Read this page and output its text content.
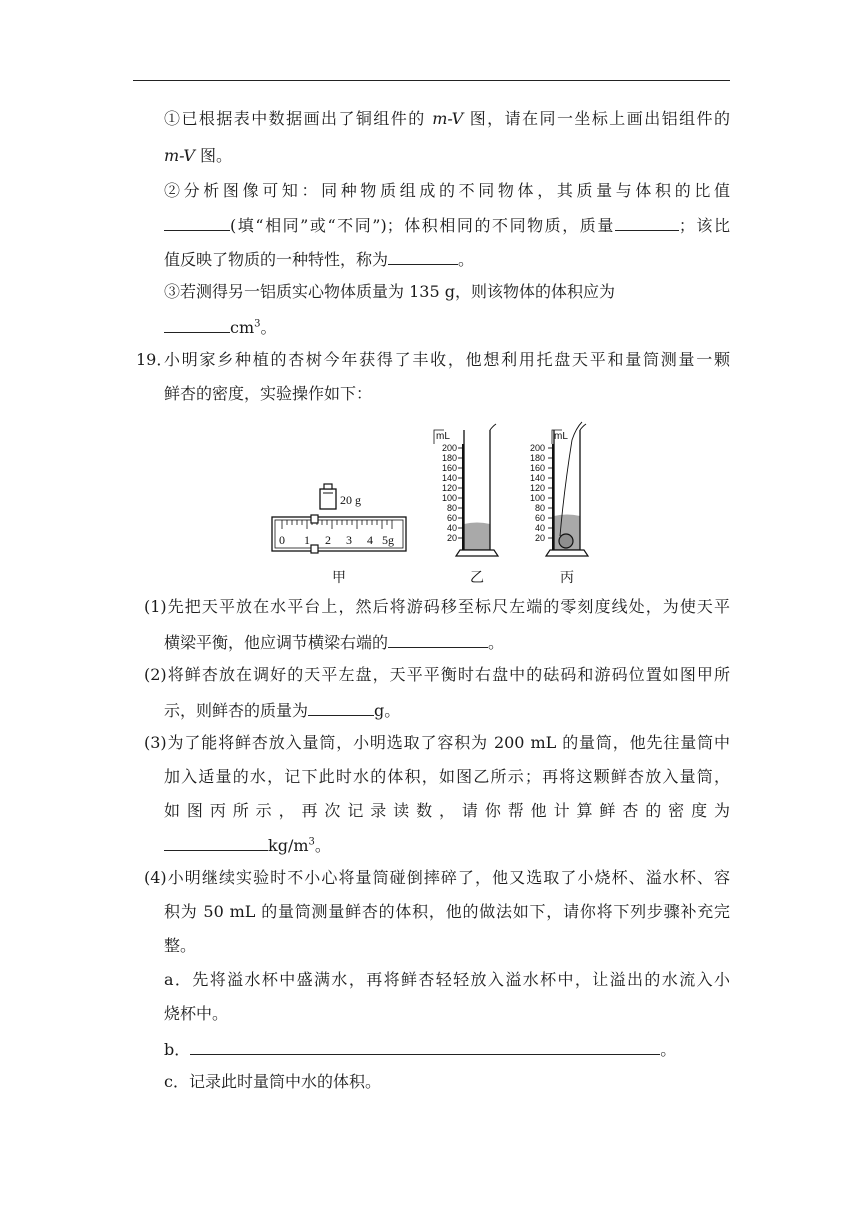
①已根据表中数据画出了铜组件的 m-V 图，请在同一坐标上画出铝组件的
m-V 图。
②分析图像可知：同种物质组成的不同物体，其质量与体积的比值
(填“相同”或“不同”)；体积相同的不同物质，质量	；该比
值反映了物质的一种特性，称为	。
③若测得另一铝质实心物体质量为 135 g，则该物体的体积应为
$cm^3$。
19．
小明家乡种植的杏树今年获得了丰收，他想利用托盘天平和量筒测量一颗
鲜杏的密度，实验操作如下：
20 g
0 1 2 3 4 5g
甲
mL
200
180
160
140
120
100
80
60
40
20
乙
mL
200
180
160
140
120
100
80
60
40
20
丙
(1)先把天平放在水平台上，然后将游码移至标尺左端的零刻度线处，为使天平
横梁平衡，他应调节横梁右端的	。
(2)将鲜杏放在调好的天平左盘，天平平衡时右盘中的砝码和游码位置如图甲所
示，则鲜杏的质量为	g。
(3)为了能将鲜杏放入量筒，小明选取了容积为 200 mL 的量筒，他先往量筒中
加入适量的水，记下此时水的体积，如图乙所示；再将这颗鲜杏放入量筒，
如图丙所示，再次记录读数，请你帮他计算鲜杏的密度为
$kg/m^3$。
(4)小明继续实验时不小心将量筒碰倒摔碎了，他又选取了小烧杯、溢水杯、容
积为 50 mL 的量筒测量鲜杏的体积，他的做法如下，请你将下列步骤补充完
整。
a．先将溢水杯中盛满水，再将鲜杏轻轻放入溢水杯中，让溢出的水流入小
烧杯中。
b．	。
c．记录此时量筒中水的体积。
